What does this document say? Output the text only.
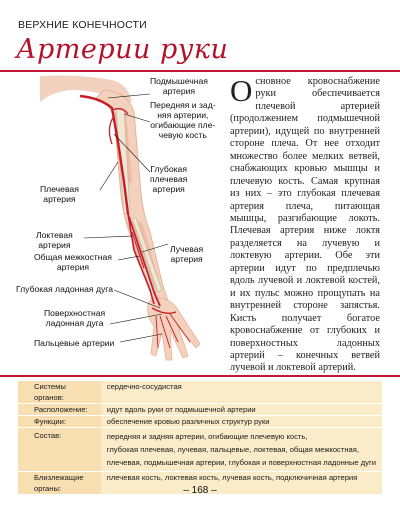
ВЕРХНИЕ КОНЕЧНОСТИ
Артерии руки
Подмышечная
артерия
Передняя и зад-
няя артерии,
огибающие пле-
чевую кость
Глубокая
плечевая
артерия
Плечевая
артерия
Локтевая
артерия
Общая межкостная
артерия
Лучевая
артерия
Глубокая ладонная дуга
Поверхностная
ладонная дуга
Пальцевые артерии
Основное кровоснабжение руки обеспечивается плечевой артерией (продолжением подмышечной артерии), идущей по внутренней стороне плеча. От нее отходит множество более мелких ветвей, снабжающих кровью мышцы и плечевую кость. Самая крупная из них – это глубокая плечевая артерия плеча, питающая мышцы, разгибающие локоть. Плечевая артерия ниже локтя разделяется на лучевую и локтевую артерии. Обе эти артерии идут по предплечью вдоль лучевой и локтевой костей, и их пульс можно прощупать на внутренней стороне запястья. Кисть получает богатое кровоснабжение от глубоких и поверхностных ладонных артерий – конечных ветвей лучевой и локтевой артерий.
Системы органов:	сердечно-сосудистая
Расположение:	идут вдоль руки от подмышечной артерии
Функции:	обеспечение кровью различных структур руки
Состав:	передняя и задняя артерии, огибающие плечевую кость,
глубокая плечевая, лучевая, пальцевые, локтевая, общая межкостная,
плечевая, подмышечная артерии, глубокая и поверхностная ладонные дуги
Близлежащие органы:	плечевая кость, локтевая кость, лучевая кость, подключичная артерия
– 168 –
